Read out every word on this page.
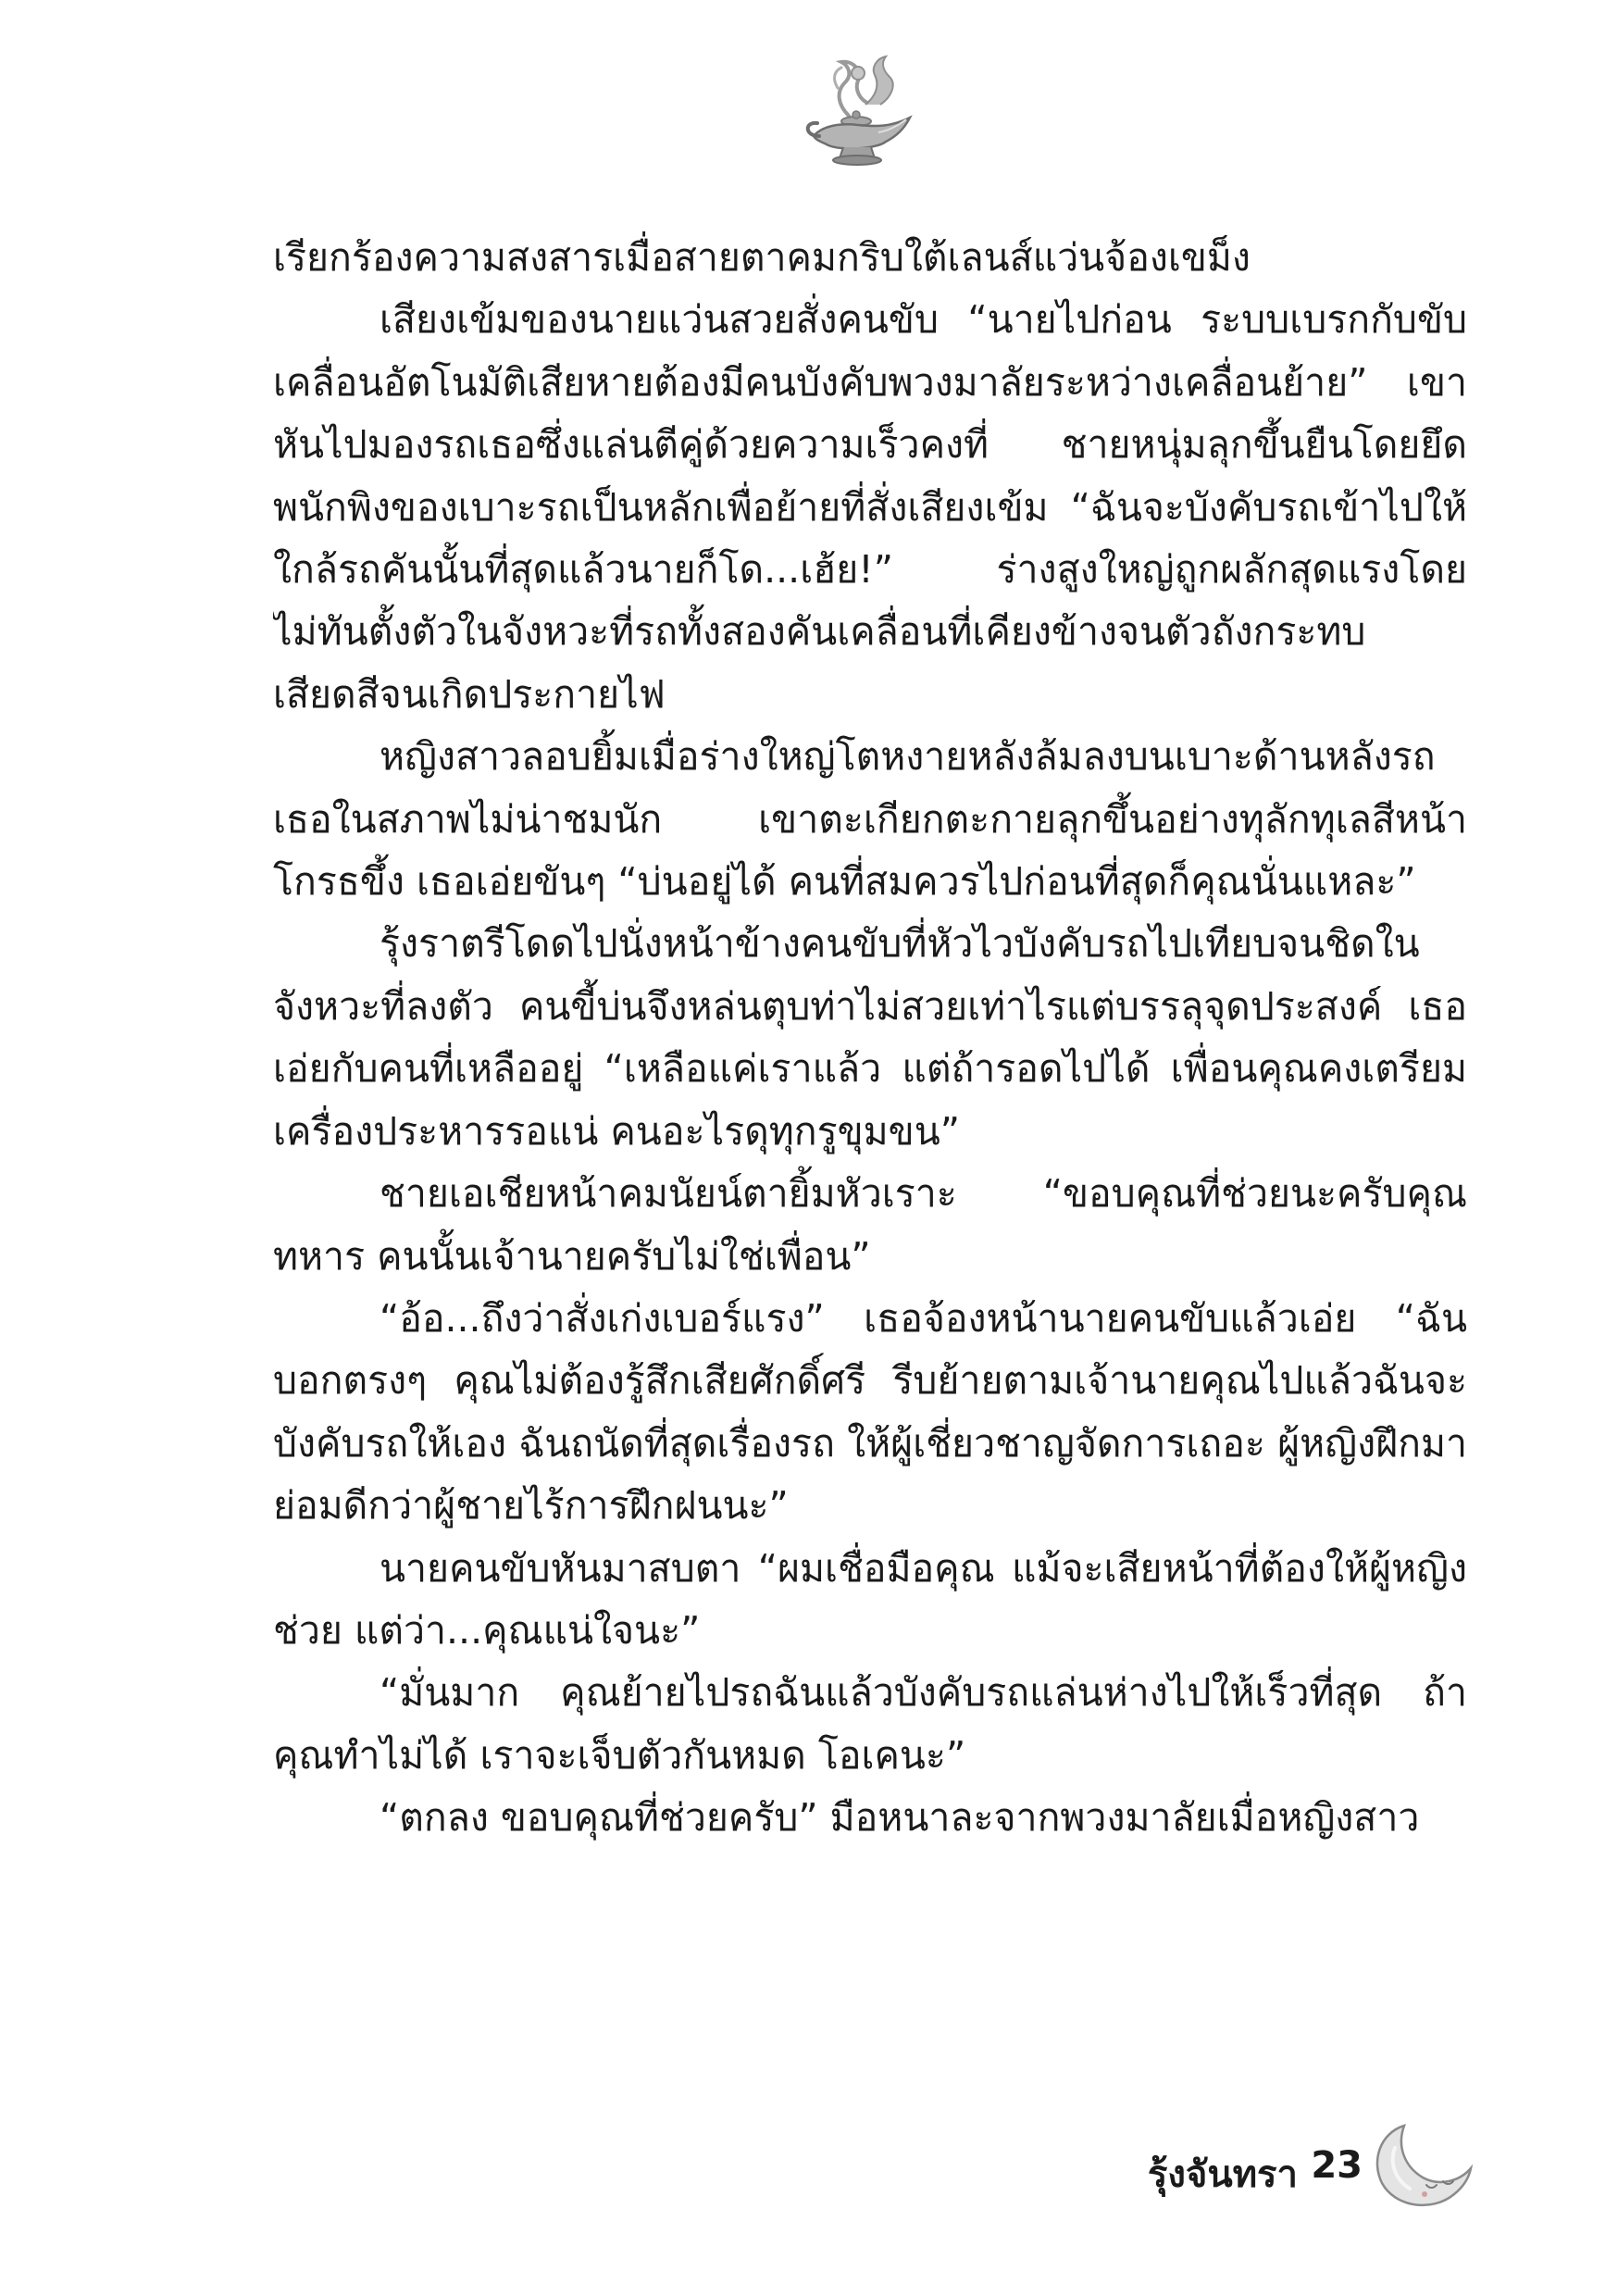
เรียกร้องความสงสารเมื่อสายตาคมกริบใต้เลนส์แว่นจ้องเขม็ง

เสียงเข้มของนายแว่นสวยสั่งคนขับ “นายไปก่อน ระบบเบรกกับขับเคลื่อนอัตโนมัติเสียหายต้องมีคนบังคับพวงมาลัยระหว่างเคลื่อนย้าย” เขาหันไปมองรถเธอซึ่งแล่นตีคู่ด้วยความเร็วคงที่ ชายหนุ่มลุกขึ้นยืนโดยยึดพนักพิงของเบาะรถเป็นหลักเพื่อย้ายที่สั่งเสียงเข้ม “ฉันจะบังคับรถเข้าไปให้ใกล้รถคันนั้นที่สุดแล้วนายก็โด...เฮ้ย!” ร่างสูงใหญ่ถูกผลักสุดแรงโดยไม่ทันตั้งตัวในจังหวะที่รถทั้งสองคันเคลื่อนที่เคียงข้างจนตัวถังกระทบเสียดสีจนเกิดประกายไฟ

หญิงสาวลอบยิ้มเมื่อร่างใหญ่โตหงายหลังล้มลงบนเบาะด้านหลังรถเธอในสภาพไม่น่าชมนัก เขาตะเกียกตะกายลุกขึ้นอย่างทุลักทุเลสีหน้าโกรธขึ้ง เธอเอ่ยขันๆ “บ่นอยู่ได้ คนที่สมควรไปก่อนที่สุดก็คุณนั่นแหละ”

รุ้งราตรีโดดไปนั่งหน้าข้างคนขับที่หัวไวบังคับรถไปเทียบจนชิดในจังหวะที่ลงตัว คนขี้บ่นจึงหล่นตุบท่าไม่สวยเท่าไรแต่บรรลุจุดประสงค์ เธอเอ่ยกับคนที่เหลืออยู่ “เหลือแค่เราแล้ว แต่ถ้ารอดไปได้ เพื่อนคุณคงเตรียมเครื่องประหารรอแน่ คนอะไรดุทุกรูขุมขน”

ชายเอเชียหน้าคมนัยน์ตายิ้มหัวเราะ “ขอบคุณที่ช่วยนะครับคุณทหาร คนนั้นเจ้านายครับไม่ใช่เพื่อน”

“อ้อ...ถึงว่าสั่งเก่งเบอร์แรง” เธอจ้องหน้านายคนขับแล้วเอ่ย “ฉันบอกตรงๆ คุณไม่ต้องรู้สึกเสียศักดิ์ศรี รีบย้ายตามเจ้านายคุณไปแล้วฉันจะบังคับรถให้เอง ฉันถนัดที่สุดเรื่องรถ ให้ผู้เชี่ยวชาญจัดการเถอะ ผู้หญิงฝึกมาย่อมดีกว่าผู้ชายไร้การฝึกฝนนะ”

นายคนขับหันมาสบตา “ผมเชื่อมือคุณ แม้จะเสียหน้าที่ต้องให้ผู้หญิงช่วย แต่ว่า...คุณแน่ใจนะ”

“มั่นมาก คุณย้ายไปรถฉันแล้วบังคับรถแล่นห่างไปให้เร็วที่สุด ถ้าคุณทำไม่ได้ เราจะเจ็บตัวกันหมด โอเคนะ”

“ตกลง ขอบคุณที่ช่วยครับ” มือหนาละจากพวงมาลัยเมื่อหญิงสาว

รุ้งจันทรา 23
